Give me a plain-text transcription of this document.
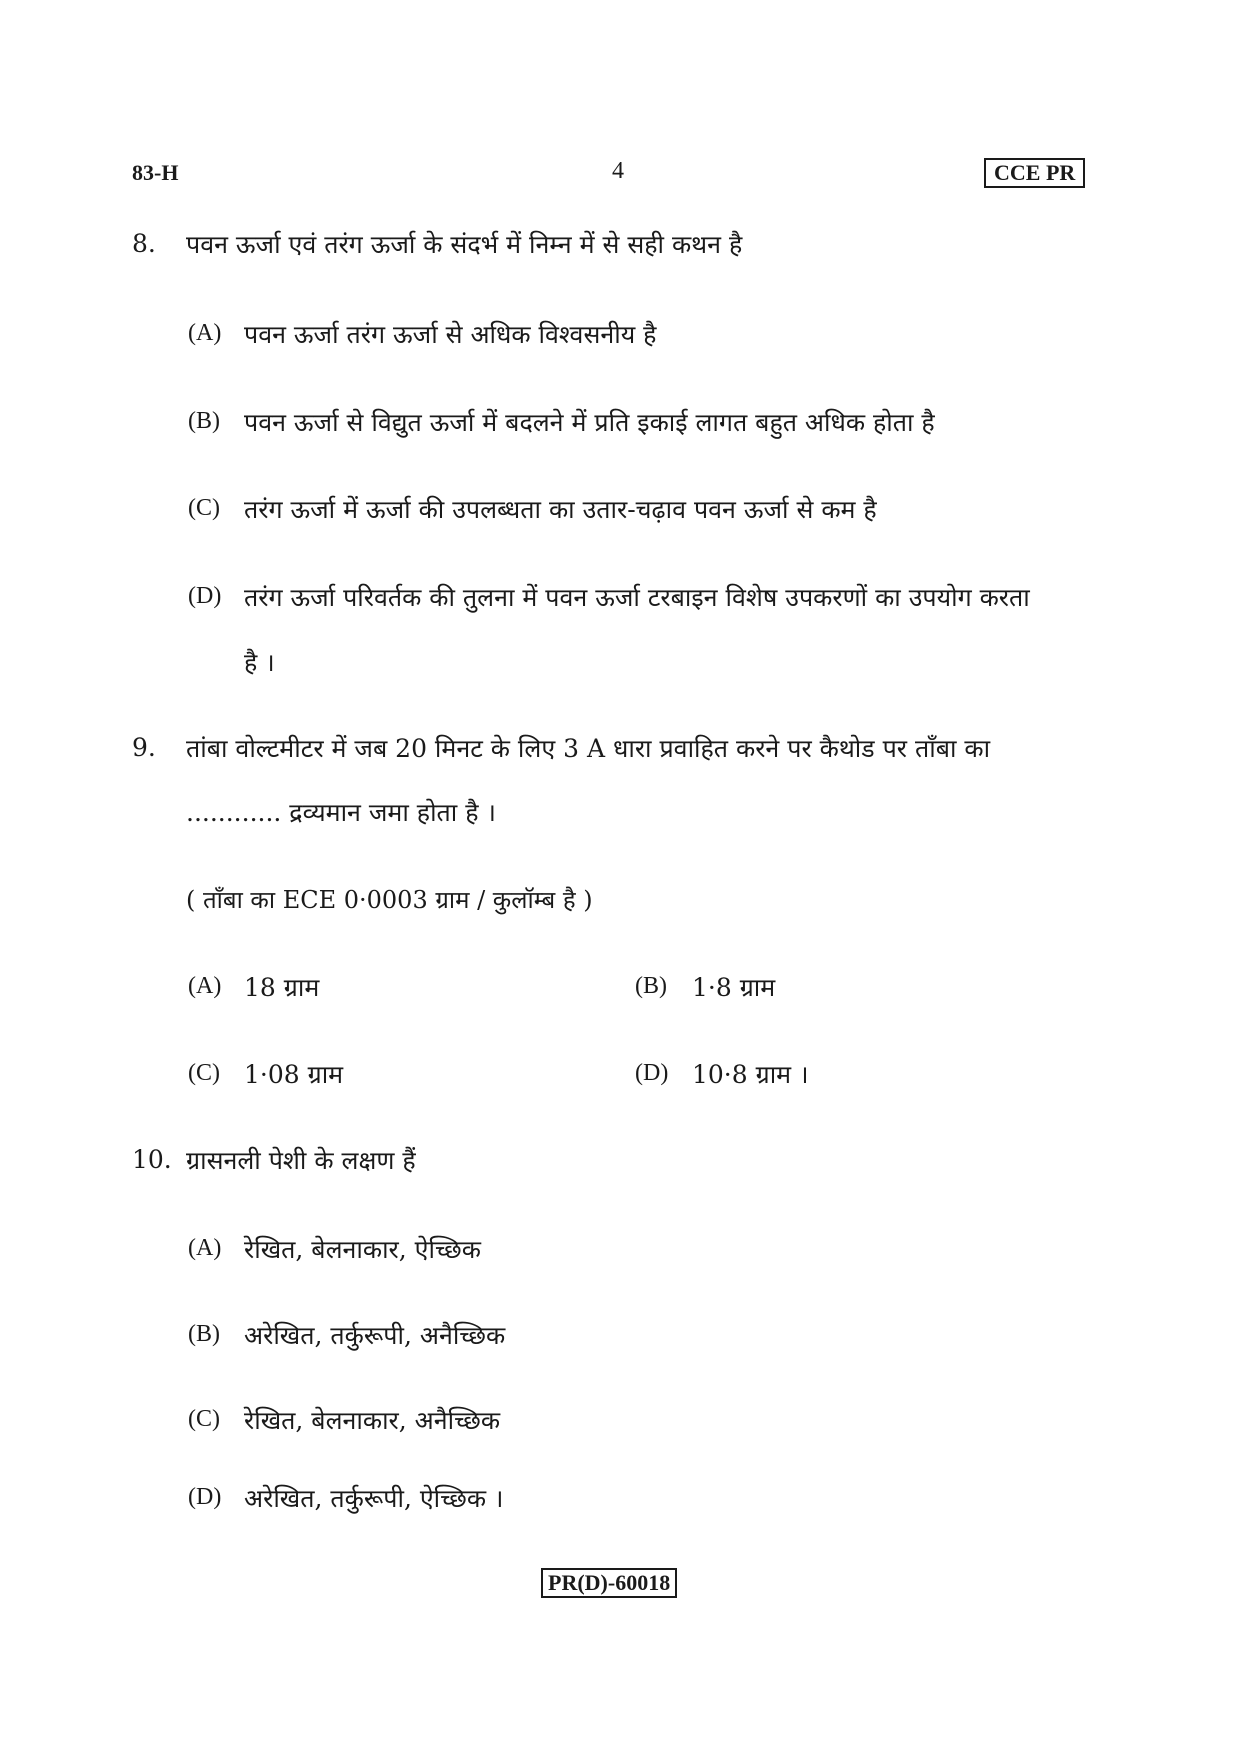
83-H	4	CCE PR
8. पवन ऊर्जा एवं तरंग ऊर्जा के संदर्भ में निम्न में से सही कथन है
(A) पवन ऊर्जा तरंग ऊर्जा से अधिक विश्वसनीय है
(B) पवन ऊर्जा से विद्युत ऊर्जा में बदलने में प्रति इकाई लागत बहुत अधिक होता है
(C) तरंग ऊर्जा में ऊर्जा की उपलब्धता का उतार-चढ़ाव पवन ऊर्जा से कम है
(D) तरंग ऊर्जा परिवर्तक की तुलना में पवन ऊर्जा टरबाइन विशेष उपकरणों का उपयोग करता
है ।
9. तांबा वोल्टमीटर में जब 20 मिनट के लिए 3 A धारा प्रवाहित करने पर कैथोड पर ताँबा का
............ द्रव्यमान जमा होता है ।
( ताँबा का ECE 0·0003 ग्राम / कुलॉम्ब है )
(A) 18 ग्राम	(B) 1·8 ग्राम
(C) 1·08 ग्राम	(D) 10·8 ग्राम ।
10. ग्रासनली पेशी के लक्षण हैं
(A) रेखित, बेलनाकार, ऐच्छिक
(B) अरेखित, तर्कुरूपी, अनैच्छिक
(C) रेखित, बेलनाकार, अनैच्छिक
(D) अरेखित, तर्कुरूपी, ऐच्छिक ।
PR(D)-60018
